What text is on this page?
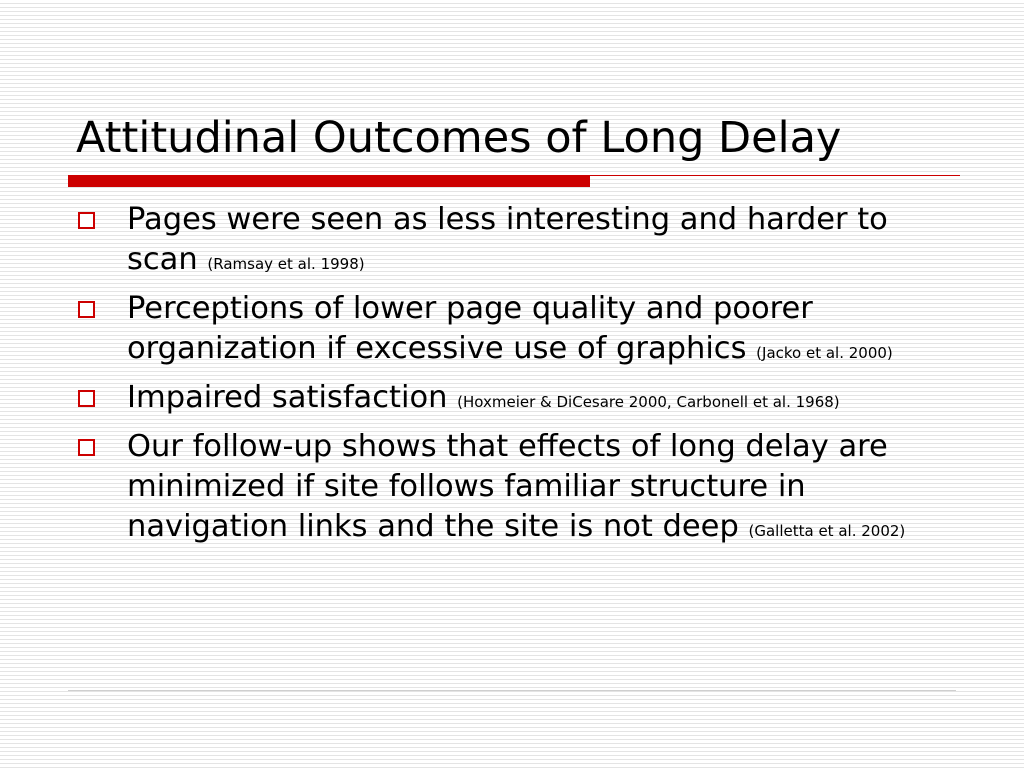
Attitudinal Outcomes of Long Delay
Pages were seen as less interesting and harder to scan (Ramsay et al. 1998)
Perceptions of lower page quality and poorer organization if excessive use of graphics (Jacko et al. 2000)
Impaired satisfaction (Hoxmeier & DiCesare 2000, Carbonell et al. 1968)
Our follow-up shows that effects of long delay are minimized if site follows familiar structure in navigation links and the site is not deep (Galletta et al. 2002)
